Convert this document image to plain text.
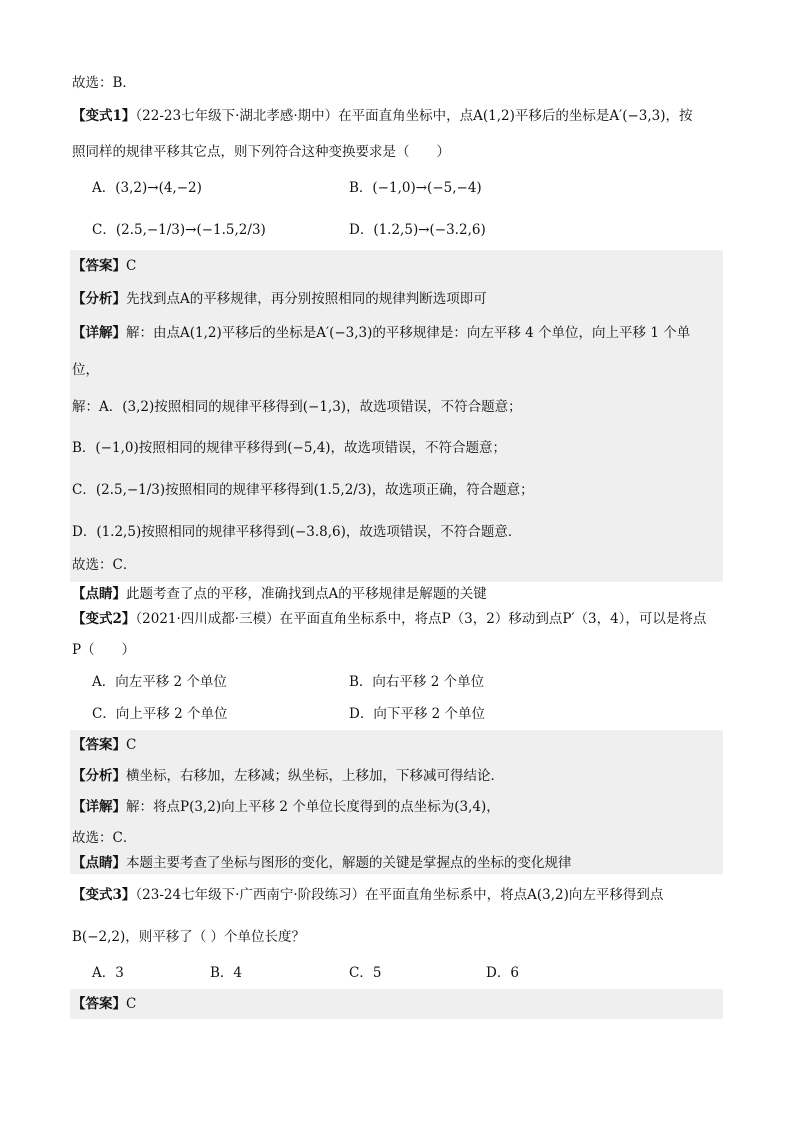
故选：B．
【变式1】（22-23七年级下·湖北孝感·期中）在平面直角坐标中，点A(1,2)平移后的坐标是A′(−3,3)，按
照同样的规律平移其它点，则下列符合这种变换要求是（　　）
A．(3,2)→(4,−2)	B．(−1,0)→(−5,−4)
C．(2.5,−1/3)→(−1.5,2/3)	D．(1.2,5)→(−3.2,6)
【答案】C
【分析】先找到点A的平移规律，再分别按照相同的规律判断选项即可
【详解】解：由点A(1,2)平移后的坐标是A′(−3,3)的平移规律是：向左平移 4 个单位，向上平移 1 个单
位，
解：A．(3,2)按照相同的规律平移得到(−1,3)，故选项错误，不符合题意；
B．(−1,0)按照相同的规律平移得到(−5,4)，故选项错误，不符合题意；
C．(2.5,−1/3)按照相同的规律平移得到(1.5,2/3)，故选项正确，符合题意；
D．(1.2,5)按照相同的规律平移得到(−3.8,6)，故选项错误，不符合题意．
故选：C．
【点睛】此题考查了点的平移，准确找到点A的平移规律是解题的关键
【变式2】（2021·四川成都·三模）在平面直角坐标系中，将点P（3，2）移动到点P′（3，4），可以是将点
P（　　）
A．向左平移 2 个单位	B．向右平移 2 个单位
C．向上平移 2 个单位	D．向下平移 2 个单位
【答案】C
【分析】横坐标，右移加，左移减；纵坐标，上移加，下移减可得结论．
【详解】解：将点P(3,2)向上平移 2 个单位长度得到的点坐标为(3,4)，
故选：C．
【点睛】本题主要考查了坐标与图形的变化，解题的关键是掌握点的坐标的变化规律
【变式3】（23-24七年级下·广西南宁·阶段练习）在平面直角坐标系中，将点A(3,2)向左平移得到点
B(−2,2)，则平移了（ ）个单位长度？
A．3	B．4	C．5	D．6
【答案】C
